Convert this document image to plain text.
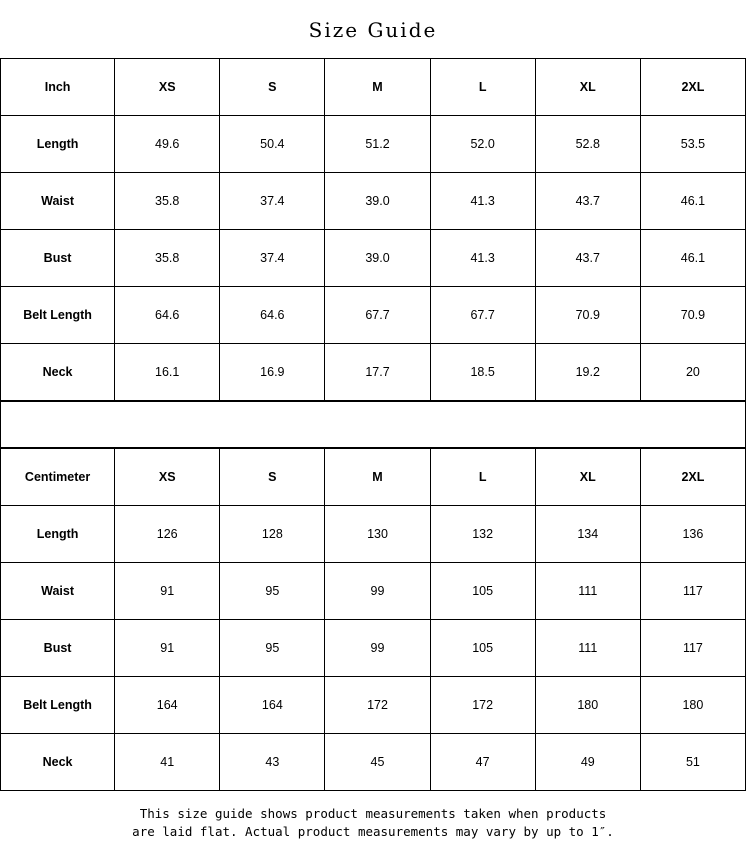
Size Guide
Inch	XS	S	M	L	XL	2XL
Length	49.6	50.4	51.2	52.0	52.8	53.5
Waist	35.8	37.4	39.0	41.3	43.7	46.1
Bust	35.8	37.4	39.0	41.3	43.7	46.1
Belt Length	64.6	64.6	67.7	67.7	70.9	70.9
Neck	16.1	16.9	17.7	18.5	19.2	20
Centimeter	XS	S	M	L	XL	2XL
Length	126	128	130	132	134	136
Waist	91	95	99	105	111	117
Bust	91	95	99	105	111	117
Belt Length	164	164	172	172	180	180
Neck	41	43	45	47	49	51
This size guide shows product measurements taken when products
are laid flat. Actual product measurements may vary by up to 1″.
